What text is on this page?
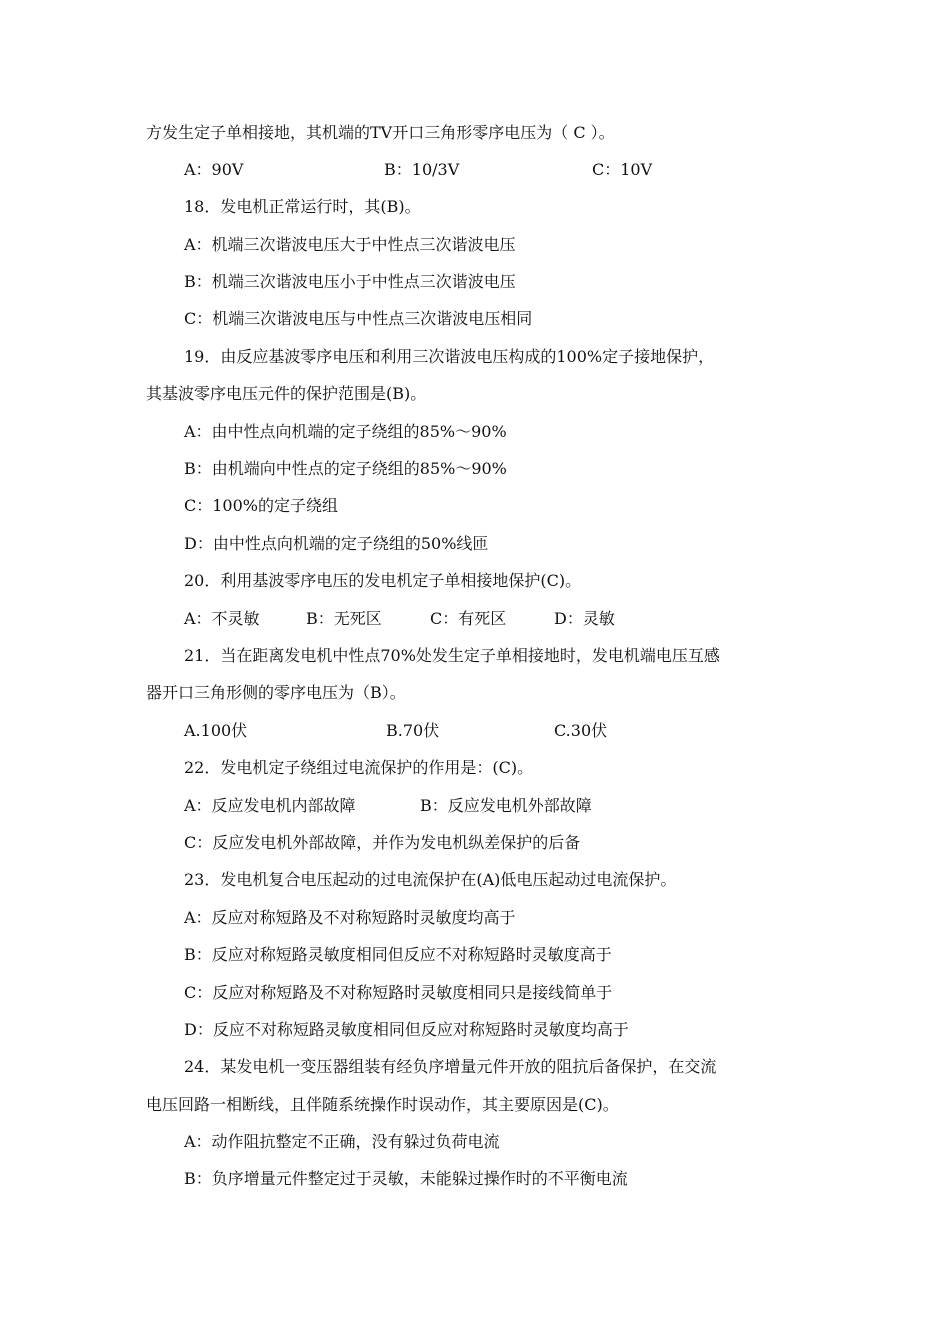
方发生定子单相接地，其机端的TV开口三角形零序电压为（ C ）。
A：90V	B：10/3V	C：10V
18．发电机正常运行时，其(B)。
A：机端三次谐波电压大于中性点三次谐波电压
B：机端三次谐波电压小于中性点三次谐波电压
C：机端三次谐波电压与中性点三次谐波电压相同
19．由反应基波零序电压和利用三次谐波电压构成的100%定子接地保护，
其基波零序电压元件的保护范围是(B)。
A：由中性点向机端的定子绕组的85%～90%
B：由机端向中性点的定子绕组的85%～90%
C：100%的定子绕组
D：由中性点向机端的定子绕组的50%线匝
20．利用基波零序电压的发电机定子单相接地保护(C)。
A：不灵敏	B：无死区	C：有死区	D：灵敏
21．当在距离发电机中性点70%处发生定子单相接地时，发电机端电压互感
器开口三角形侧的零序电压为（B）。
A.100伏	B.70伏	C.30伏
22．发电机定子绕组过电流保护的作用是：(C)。
A：反应发电机内部故障	B：反应发电机外部故障
C：反应发电机外部故障，并作为发电机纵差保护的后备
23．发电机复合电压起动的过电流保护在(A)低电压起动过电流保护。
A：反应对称短路及不对称短路时灵敏度均高于
B：反应对称短路灵敏度相同但反应不对称短路时灵敏度高于
C：反应对称短路及不对称短路时灵敏度相同只是接线简单于
D：反应不对称短路灵敏度相同但反应对称短路时灵敏度均高于
24．某发电机一变压器组装有经负序增量元件开放的阻抗后备保护，在交流
电压回路一相断线，且伴随系统操作时误动作，其主要原因是(C)。
A：动作阻抗整定不正确，没有躲过负荷电流
B：负序增量元件整定过于灵敏，未能躲过操作时的不平衡电流
